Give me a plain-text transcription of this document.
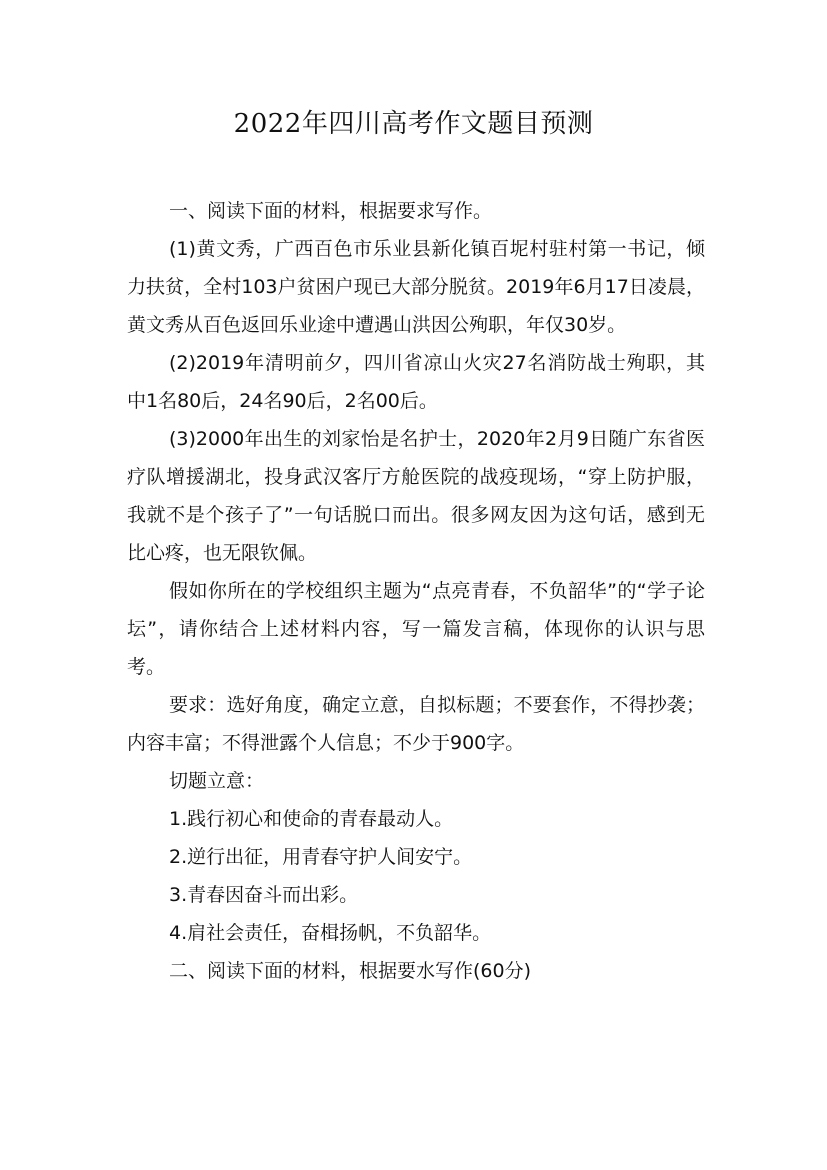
2022年四川高考作文题目预测

一、阅读下面的材料，根据要求写作。

(1)黄文秀，广西百色市乐业县新化镇百坭村驻村第一书记，倾力扶贫，全村103户贫困户现已大部分脱贫。2019年6月17日凌晨，黄文秀从百色返回乐业途中遭遇山洪因公殉职，年仅30岁。

(2)2019年清明前夕，四川省凉山火灾27名消防战士殉职，其中1名80后，24名90后，2名00后。

(3)2000年出生的刘家怡是名护士，2020年2月9日随广东省医疗队增援湖北，投身武汉客厅方舱医院的战疫现场，“穿上防护服，我就不是个孩子了”一句话脱口而出。很多网友因为这句话，感到无比心疼，也无限钦佩。

假如你所在的学校组织主题为“点亮青春，不负韶华”的“学子论坛”，请你结合上述材料内容，写一篇发言稿，体现你的认识与思考。

要求：选好角度，确定立意，自拟标题；不要套作，不得抄袭；内容丰富；不得泄露个人信息；不少于900字。

切题立意：

1.践行初心和使命的青春最动人。

2.逆行出征，用青春守护人间安宁。

3.青春因奋斗而出彩。

4.肩社会责任，奋楫扬帆，不负韶华。

二、阅读下面的材料，根据要水写作(60分)
